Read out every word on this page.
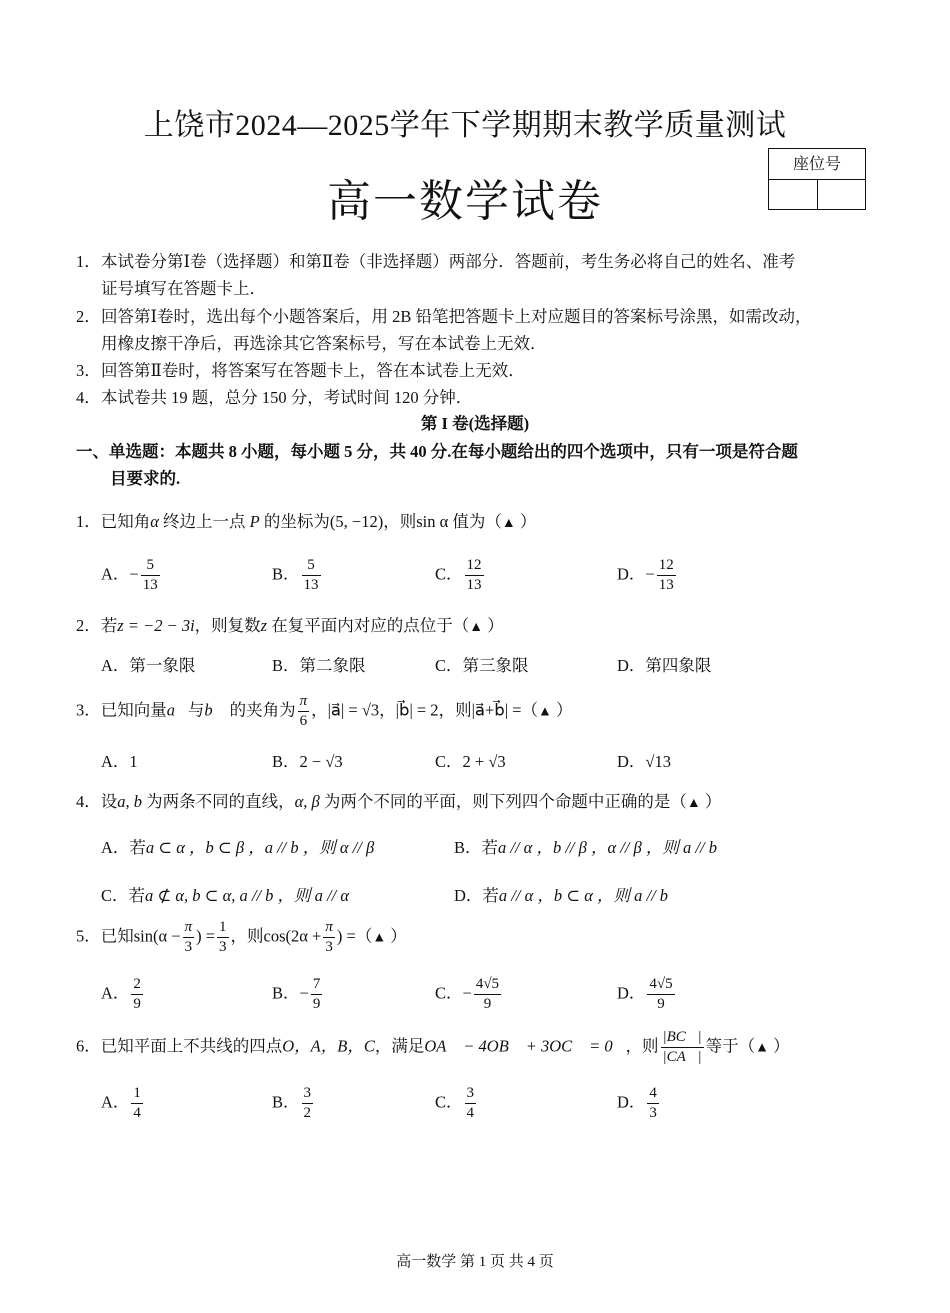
上饶市2024—2025学年下学期期末教学质量测试
高一数学试卷
座位号
1． 本试卷分第Ⅰ卷（选择题）和第Ⅱ卷（非选择题）两部分．答题前，考生务必将自己的姓名、准考
证号填写在答题卡上．
2． 回答第Ⅰ卷时，选出每个小题答案后，用 2B 铅笔把答题卡上对应题目的答案标号涂黑，如需改动，
用橡皮擦干净后，再选涂其它答案标号，写在本试卷上无效．
3． 回答第Ⅱ卷时，将答案写在答题卡上，答在本试卷上无效．
4． 本试卷共 19 题，总分 150 分，考试时间 120 分钟．
第 I 卷(选择题)
一、单选题：本题共 8 小题，每小题 5 分，共 40 分.在每小题给出的四个选项中，只有一项是符合题
目要求的.
1．已知角α 终边上一点 P 的坐标为(5, −12)，则sin α 值为（▲ ）
A．− $\frac{5}{13}$	B． $\frac{5}{13}$	C． $\frac{12}{13}$	D．− $\frac{12}{13}$
2．若z = −2 − 3i，则复数z 在复平面内对应的点位于（▲ ）
A．第一象限	B．第二象限	C．第三象限	D．第四象限
3．已知向量a⃗与b⃗ 的夹角为 $\frac{\pi}{6}$ ，|a⃗| = √3，|b⃗| = 2，则|a⃗+b⃗| =（▲ ）
A．1	B．2 − √3	C．2 + √3	D．√13
4．设a, b 为两条不同的直线，α, β 为两个不同的平面，则下列四个命题中正确的是（▲ ）
A．若a ⊂ α ，b ⊂ β ，a // b ，则 α // β	B．若a // α ，b // β ，α // β ，则 a // b
C．若a ⊄ α, b ⊂ α, a // b ，则 a // α	D．若a // α ，b ⊂ α ，则 a // b
5．已知$\sin(\alpha - \frac{\pi}{3}$ ) = $\frac{1}{3}$ ，则$\cos(2\alpha + \frac{\pi}{3}$ ) =（▲ ）
A． $\frac{2}{9}$	B．− $\frac{7}{9}$	C．− $\frac{4√5}{9}$	D． $\frac{4√5}{9}$
6．已知平面上不共线的四点O，A，B，C，满足OA⃗ − 4OB⃗ + 3OC⃗ = 0⃗，则 $\frac{|BC⃗|}{|CA⃗|}$ 等于（▲ ）
A． $\frac{1}{4}$	B． $\frac{3}{2}$	C． $\frac{3}{4}$	D． $\frac{4}{3}$
高一数学 第 1 页 共 4 页
